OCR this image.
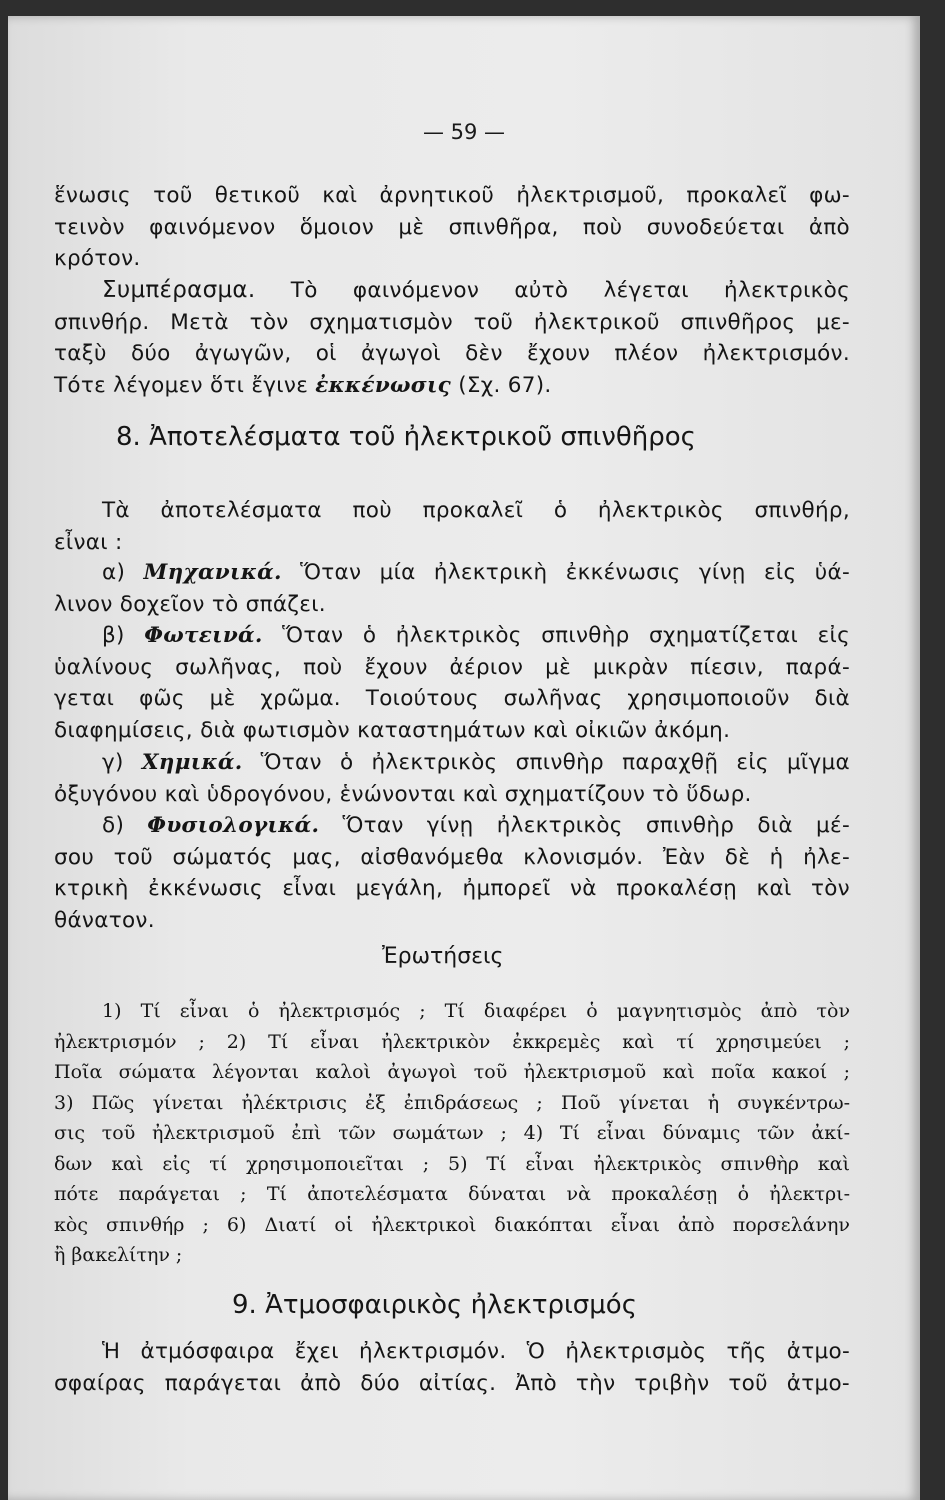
— 59 —
ἕνωσις τοῦ θετικοῦ καὶ ἀρνητικοῦ ἠλεκτρισμοῦ, προκαλεῖ φω-
τεινὸν φαινόμενον ὅμοιον μὲ σπινθῆρα, ποὺ συνοδεύεται ἀπὸ
κρότον.
Συμπέρασμα. Τὸ φαινόμενον αὐτὸ λέγεται ἠλεκτρικὸς
σπινθήρ. Μετὰ τὸν σχηματισμὸν τοῦ ἠλεκτρικοῦ σπινθῆρος με-
ταξὺ δύο ἀγωγῶν, οἱ ἀγωγοὶ δὲν ἔχουν πλέον ἠλεκτρισμόν.
Τότε λέγομεν ὅτι ἔγινε ἐκκένωσις (Σχ. 67).
8. Ἀποτελέσματα τοῦ ἠλεκτρικοῦ σπινθῆρος
Τὰ ἀποτελέσματα ποὺ προκαλεῖ ὁ ἠλεκτρικὸς σπινθήρ,
εἶναι :
α) Μηχανικά. Ὅταν μία ἠλεκτρικὴ ἐκκένωσις γίνῃ εἰς ὑά-
λινον δοχεῖον τὸ σπάζει.
β) Φωτεινά. Ὅταν ὁ ἠλεκτρικὸς σπινθὴρ σχηματίζεται εἰς
ὑαλίνους σωλῆνας, ποὺ ἔχουν ἀέριον μὲ μικρὰν πίεσιν, παρά-
γεται φῶς μὲ χρῶμα. Τοιούτους σωλῆνας χρησιμοποιοῦν διὰ
διαφημίσεις, διὰ φωτισμὸν καταστημάτων καὶ οἰκιῶν ἀκόμη.
γ) Χημικά. Ὅταν ὁ ἠλεκτρικὸς σπινθὴρ παραχθῇ εἰς μῖγμα
ὀξυγόνου καὶ ὑδρογόνου, ἑνώνονται καὶ σχηματίζουν τὸ ὕδωρ.
δ) Φυσιολογικά. Ὅταν γίνῃ ἠλεκτρικὸς σπινθὴρ διὰ μέ-
σου τοῦ σώματός μας, αἰσθανόμεθα κλονισμόν. Ἐὰν δὲ ἡ ἠλε-
κτρικὴ ἐκκένωσις εἶναι μεγάλη, ἠμπορεῖ νὰ προκαλέσῃ καὶ τὸν
θάνατον.
Ἐρωτήσεις
1) Τί εἶναι ὁ ἠλεκτρισμός ; Τί διαφέρει ὁ μαγνητισμὸς ἀπὸ τὸν
ἠλεκτρισμόν ; 2) Τί εἶναι ἠλεκτρικὸν ἐκκρεμὲς καὶ τί χρησιμεύει ;
Ποῖα σώματα λέγονται καλοὶ ἀγωγοὶ τοῦ ἠλεκτρισμοῦ καὶ ποῖα κακοί ;
3) Πῶς γίνεται ἠλέκτρισις ἐξ ἐπιδράσεως ; Ποῦ γίνεται ἡ συγκέντρω-
σις τοῦ ἠλεκτρισμοῦ ἐπὶ τῶν σωμάτων ; 4) Τί εἶναι δύναμις τῶν ἀκί-
δων καὶ εἰς τί χρησιμοποιεῖται ; 5) Τί εἶναι ἠλεκτρικὸς σπινθὴρ καὶ
πότε παράγεται ; Τί ἀποτελέσματα δύναται νὰ προκαλέσῃ ὁ ἠλεκτρι-
κὸς σπινθήρ ; 6) Διατί οἱ ἠλεκτρικοὶ διακόπται εἶναι ἀπὸ πορσελάνην
ἢ βακελίτην ;
9. Ἀτμοσφαιρικὸς ἠλεκτρισμός
Ἡ ἀτμόσφαιρα ἔχει ἠλεκτρισμόν. Ὁ ἠλεκτρισμὸς τῆς ἀτμο-
σφαίρας παράγεται ἀπὸ δύο αἰτίας. Ἀπὸ τὴν τριβὴν τοῦ ἀτμο-
